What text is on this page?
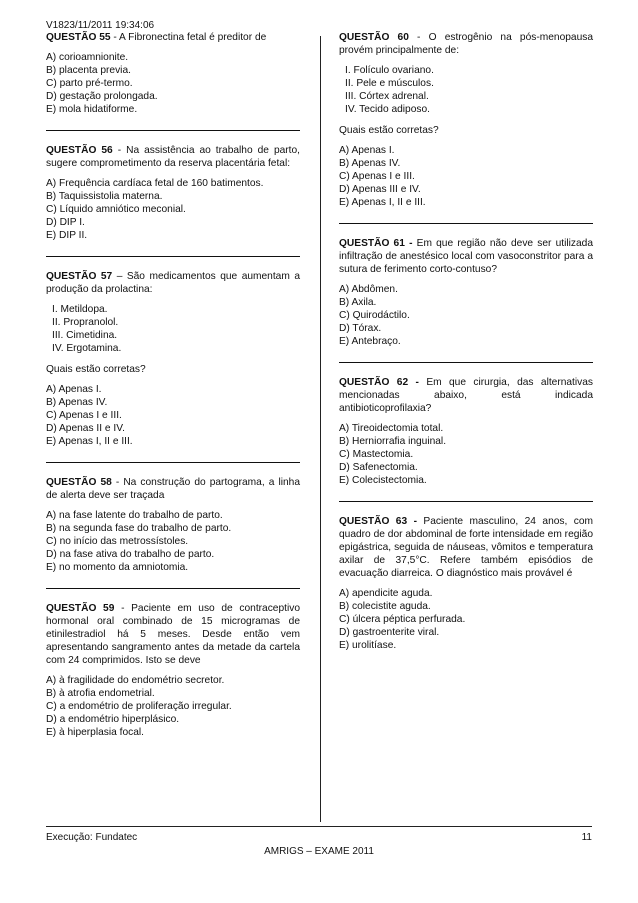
V1823/11/2011 19:34:06

QUESTÃO 55 - A Fibronectina fetal é preditor de

A) corioamnionite.
B) placenta previa.
C) parto pré-termo.
D) gestação prolongada.
E) mola hidatiforme.

QUESTÃO 56 - Na assistência ao trabalho de parto, sugere comprometimento da reserva placentária fetal:

A) Frequência cardíaca fetal de 160 batimentos.
B) Taquissistolia materna.
C) Líquido amniótico meconial.
D) DIP I.
E) DIP II.

QUESTÃO 57 – São medicamentos que aumentam a produção da prolactina:

I. Metildopa.
II. Propranolol.
III. Cimetidina.
IV. Ergotamina.
Quais estão corretas?
A) Apenas I.
B) Apenas IV.
C) Apenas I e III.
D) Apenas II e IV.
E) Apenas I, II e III.

QUESTÃO 58 - Na construção do partograma, a linha de alerta deve ser traçada

A) na fase latente do trabalho de parto.
B) na segunda fase do trabalho de parto.
C) no início das metrossístoles.
D) na fase ativa do trabalho de parto.
E) no momento da amniotomia.

QUESTÃO 59 - Paciente em uso de contraceptivo hormonal oral combinado de 15 microgramas de etinilestradiol há 5 meses. Desde então vem apresentando sangramento antes da metade da cartela com 24 comprimidos. Isto se deve

A) à fragilidade do endométrio secretor.
B) à atrofia endometrial.
C) a endométrio de proliferação irregular.
D) a endométrio hiperplásico.
E) à hiperplasia focal.

QUESTÃO 60 - O estrogênio na pós-menopausa provém principalmente de:

I. Folículo ovariano.
II. Pele e músculos.
III. Córtex adrenal.
IV. Tecido adiposo.
Quais estão corretas?
A) Apenas I.
B) Apenas IV.
C) Apenas I e III.
D) Apenas III e IV.
E) Apenas I, II e III.

QUESTÃO 61 - Em que região não deve ser utilizada infiltração de anestésico local com vasoconstritor para a sutura de ferimento corto-contuso?

A) Abdômen.
B) Axila.
C) Quirodáctilo.
D) Tórax.
E) Antebraço.

QUESTÃO 62 - Em que cirurgia, das alternativas mencionadas abaixo, está indicada antibioticoprofilaxia?

A) Tireoidectomia total.
B) Herniorrafia inguinal.
C) Mastectomia.
D) Safenectomia.
E) Colecistectomia.

QUESTÃO 63 - Paciente masculino, 24 anos, com quadro de dor abdominal de forte intensidade em região epigástrica, seguida de náuseas, vômitos e temperatura axilar de 37,5°C. Refere também episódios de evacuação diarreica. O diagnóstico mais provável é

A) apendicite aguda.
B) colecistite aguda.
C) úlcera péptica perfurada.
D) gastroenterite viral.
E) urolitíase.
Execução: Fundatec	11
AMRIGS – EXAME 2011
